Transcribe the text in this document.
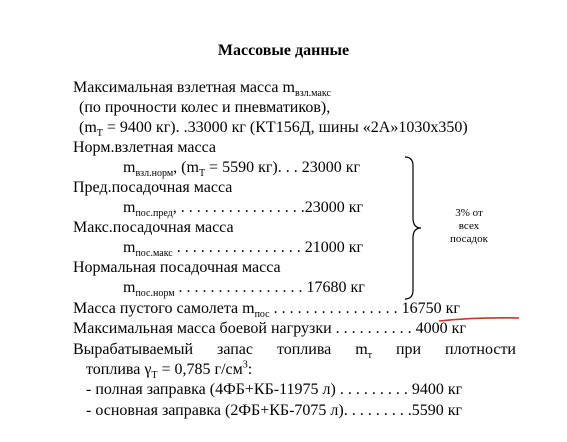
Массовые данные
Максимальная взлетная масса $m_{взл.макс}$
(по прочности колес и пневматиков),
($m_T = 9400$ кг). .33000 кг (КТ156Д, шины «2А»1030х350)
Норм.взлетная масса
$m_{взл.норм}$, ($m_T = 5590$ кг). . . 23000 кг
Пред.посадочная масса
$m_{пос.пред}$, . . . . . . . . . . . . . . . .23000 кг
Макс.посадочная масса
$m_{пос.макс}$ . . . . . . . . . . . . . . . . 21000 кг
Нормальная посадочная масса
$m_{пос.норм}$ . . . . . . . . . . . . . . . . 17680 кг
Масса пустого самолета $m_{пос}$ . . . . . . . . . . . . . . . . 16750 кг
Максимальная масса боевой нагрузки . . . . . . . . . . 4000 кг
Вырабатываемый запас топлива $m_т$ при плотности
топлива $\gamma_T = 0,785$ $г/см^3$:
- полная заправка (4ФБ+КБ-11975 л) . . . . . . . . . 9400 кг
- основная заправка (2ФБ+КБ-7075 л). . . . . . . . .5590 кг
3% от
всех
посадок
